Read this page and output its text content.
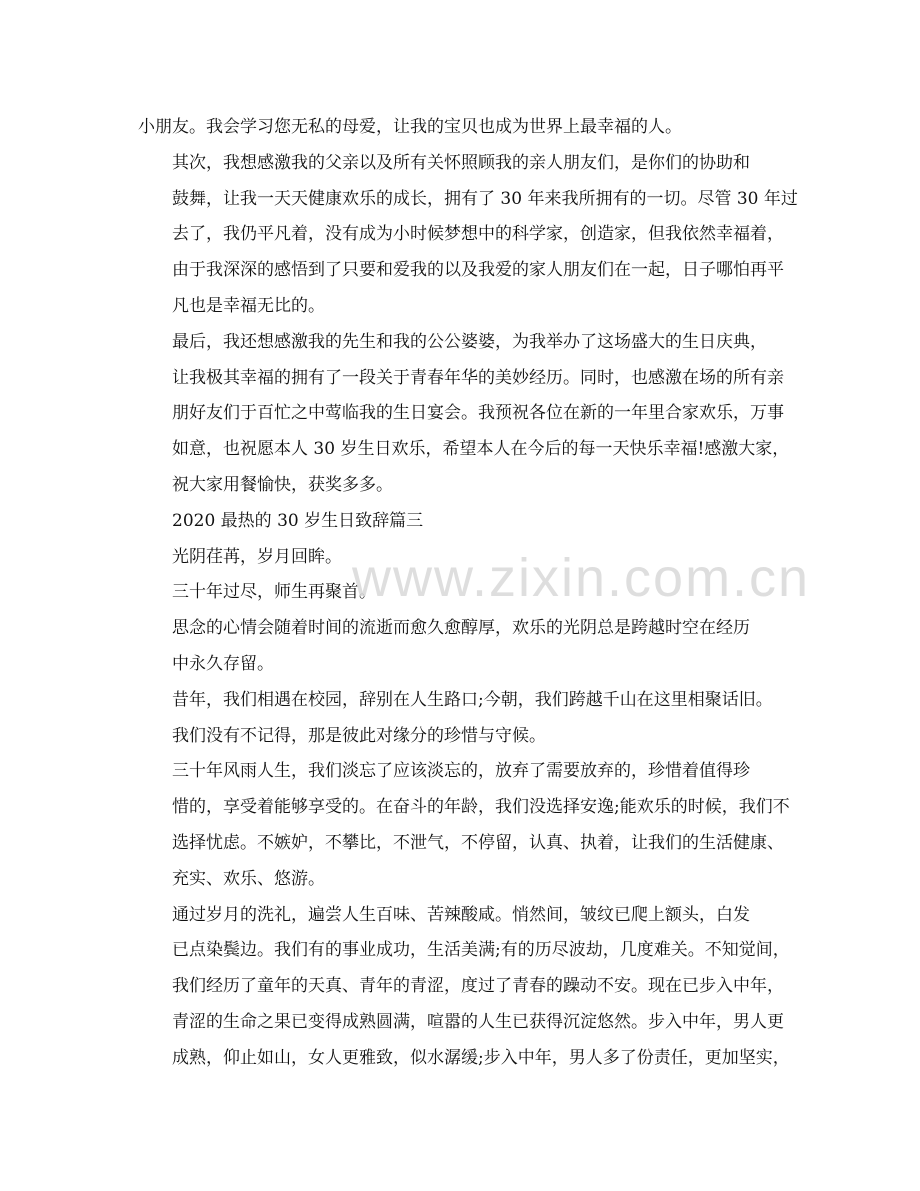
小朋友。我会学习您无私的母爱，让我的宝贝也成为世界上最幸福的人。

其次，我想感激我的父亲以及所有关怀照顾我的亲人朋友们，是你们的协助和
鼓舞，让我一天天健康欢乐的成长，拥有了 30 年来我所拥有的一切。尽管 30 年过
去了，我仍平凡着，没有成为小时候梦想中的科学家，创造家，但我依然幸福着，
由于我深深的感悟到了只要和爱我的以及我爱的家人朋友们在一起，日子哪怕再平
凡也是幸福无比的。

最后，我还想感激我的先生和我的公公婆婆，为我举办了这场盛大的生日庆典，
让我极其幸福的拥有了一段关于青春年华的美妙经历。同时，也感激在场的所有亲
朋好友们于百忙之中莺临我的生日宴会。我预祝各位在新的一年里合家欢乐，万事
如意，也祝愿本人 30 岁生日欢乐，希望本人在今后的每一天快乐幸福!感激大家，
祝大家用餐愉快，获奖多多。

2020 最热的 30 岁生日致辞篇三

光阴荏苒，岁月回眸。

三十年过尽，师生再聚首。

思念的心情会随着时间的流逝而愈久愈醇厚，欢乐的光阴总是跨越时空在经历
中永久存留。

昔年，我们相遇在校园，辞别在人生路口;今朝，我们跨越千山在这里相聚话旧。
我们没有不记得，那是彼此对缘分的珍惜与守候。

三十年风雨人生，我们淡忘了应该淡忘的，放弃了需要放弃的，珍惜着值得珍
惜的，享受着能够享受的。在奋斗的年龄，我们没选择安逸;能欢乐的时候，我们不
选择忧虑。不嫉妒，不攀比，不泄气，不停留，认真、执着，让我们的生活健康、
充实、欢乐、悠游。

通过岁月的洗礼，遍尝人生百味、苦辣酸咸。悄然间，皱纹已爬上额头，白发
已点染鬓边。我们有的事业成功，生活美满;有的历尽波劫，几度难关。不知觉间，
我们经历了童年的天真、青年的青涩，度过了青春的躁动不安。现在已步入中年，
青涩的生命之果已变得成熟圆满，喧嚣的人生已获得沉淀悠然。步入中年，男人更
成熟，仰止如山，女人更雅致，似水潺缓;步入中年，男人多了份责任，更加坚实，

www.zixin.com.cn
